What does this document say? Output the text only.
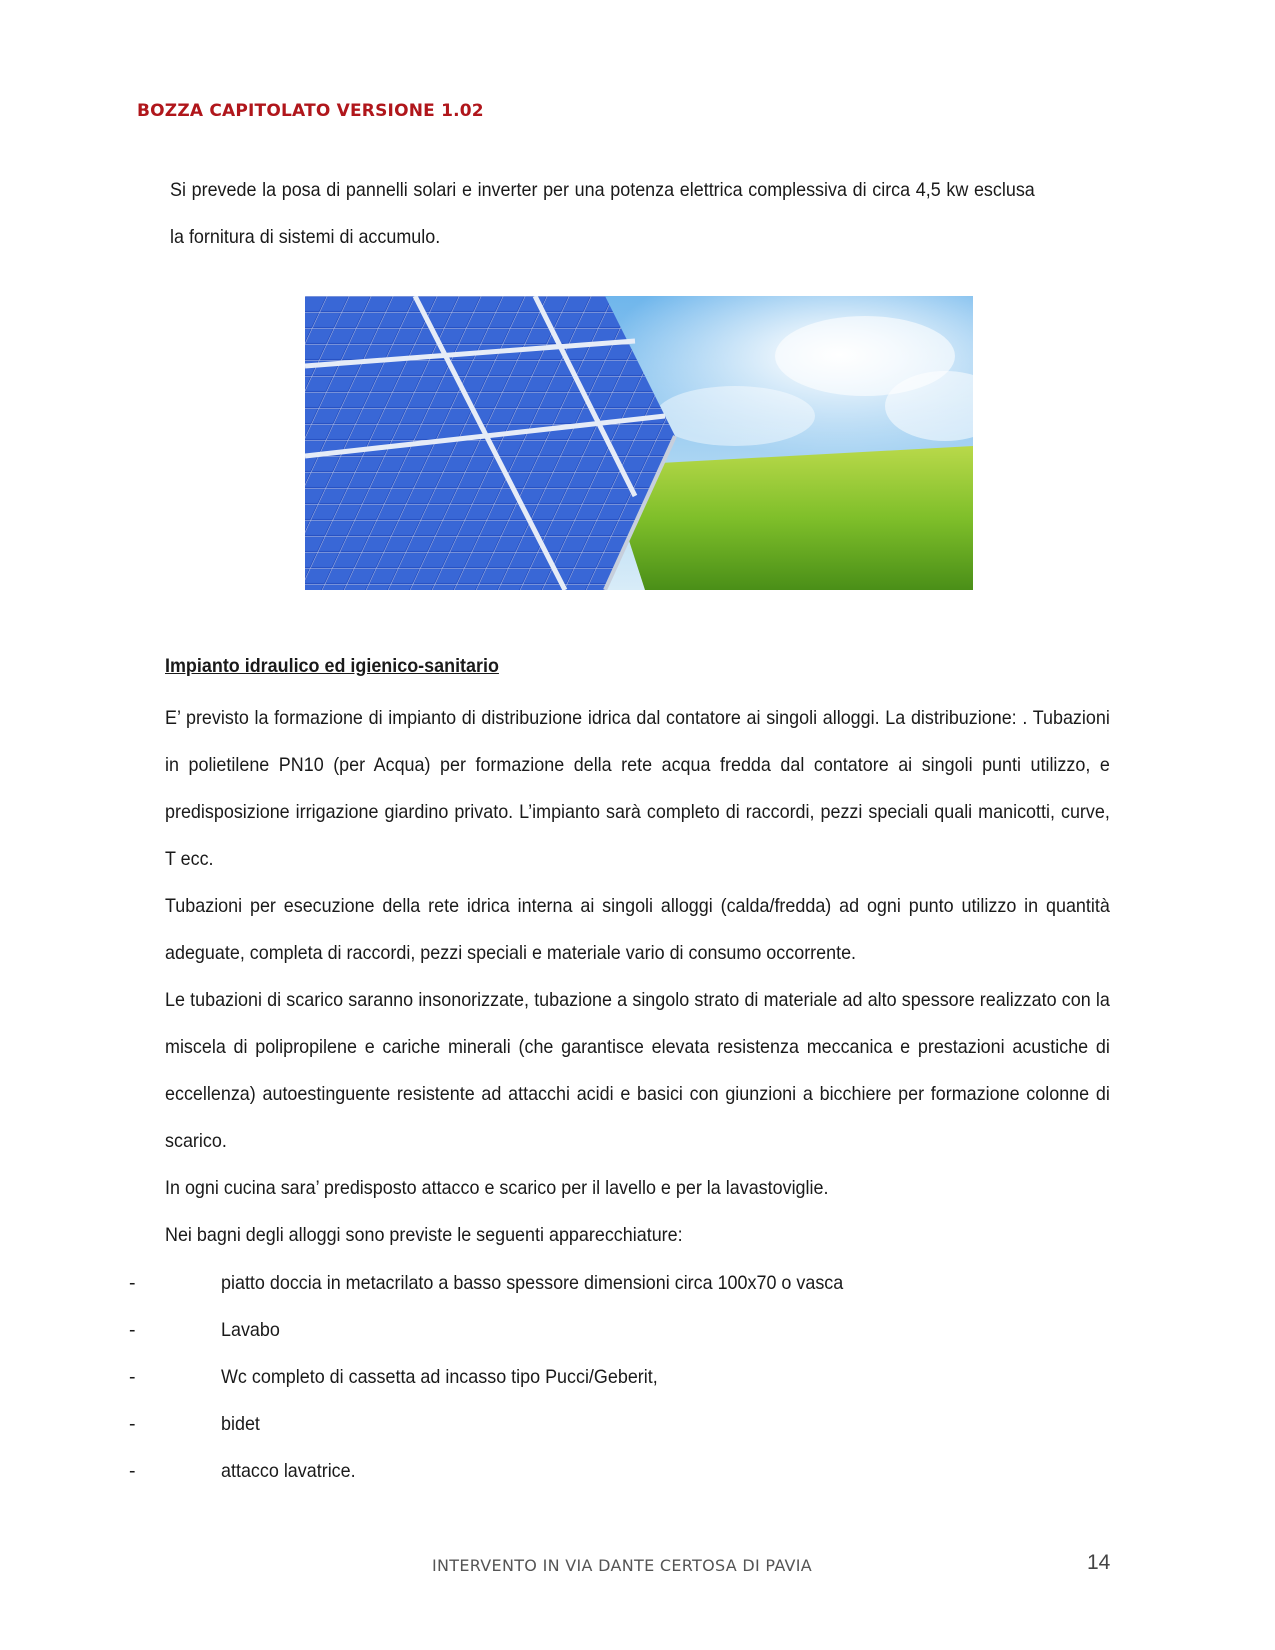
BOZZA CAPITOLATO VERSIONE 1.02
Si prevede la posa di pannelli solari e inverter per una potenza elettrica complessiva di circa 4,5 kw esclusa la fornitura di sistemi di accumulo.
Impianto idraulico ed igienico-sanitario

E’ previsto la formazione di impianto di distribuzione idrica dal contatore ai singoli alloggi. La distribuzione: . Tubazioni in polietilene PN10 (per Acqua) per formazione della rete acqua fredda dal contatore ai singoli punti utilizzo, e predisposizione irrigazione giardino privato. L’impianto sarà completo di raccordi, pezzi speciali quali manicotti, curve, T ecc.

Tubazioni per esecuzione della rete idrica interna ai singoli alloggi (calda/fredda) ad ogni punto utilizzo in quantità adeguate, completa di raccordi, pezzi speciali e materiale vario di consumo occorrente.

Le tubazioni di scarico saranno insonorizzate, tubazione a singolo strato di materiale ad alto spessore realizzato con la miscela di polipropilene e cariche minerali (che garantisce elevata resistenza meccanica e prestazioni acustiche di eccellenza) autoestinguente resistente ad attacchi acidi e basici con giunzioni a bicchiere per formazione colonne di scarico.

In ogni cucina sara’ predisposto attacco e scarico per il lavello e per la lavastoviglie.

Nei bagni degli alloggi sono previste le seguenti apparecchiature:

-	piatto doccia in metacrilato a basso spessore dimensioni circa 100x70 o vasca
-	Lavabo
-	Wc completo di cassetta ad incasso tipo Pucci/Geberit,
-	bidet
-	attacco lavatrice.
INTERVENTO IN VIA DANTE CERTOSA DI PAVIA	14
